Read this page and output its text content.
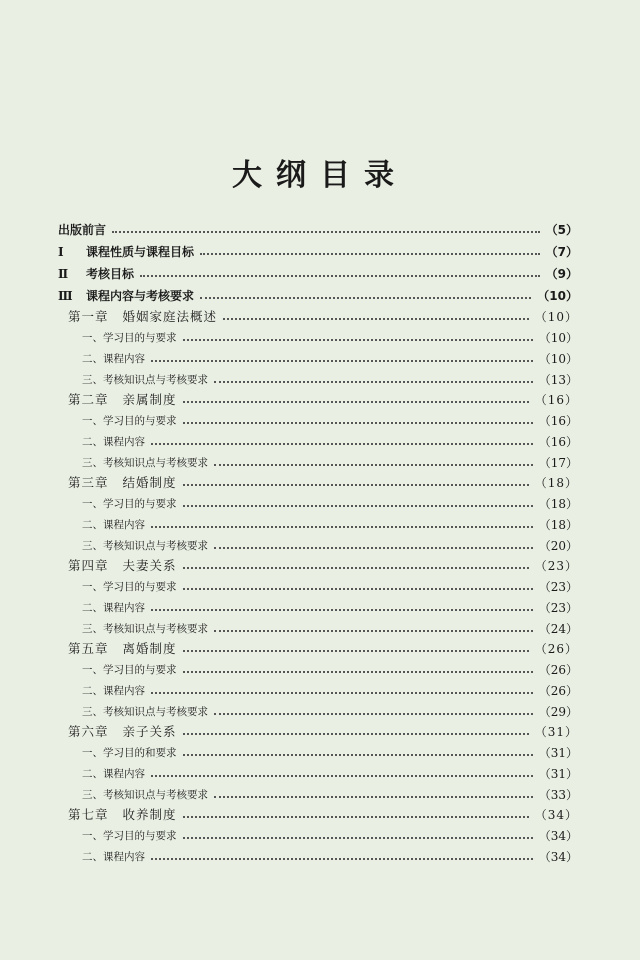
大纲目录
出版前言	（5）
Ⅰ 课程性质与课程目标	（7）
Ⅱ 考核目标	（9）
Ⅲ 课程内容与考核要求	（10）
第一章 婚姻家庭法概述	（10）
一、学习目的与要求	（10）
二、课程内容	（10）
三、考核知识点与考核要求	（13）
第二章 亲属制度	（16）
一、学习目的与要求	（16）
二、课程内容	（16）
三、考核知识点与考核要求	（17）
第三章 结婚制度	（18）
一、学习目的与要求	（18）
二、课程内容	（18）
三、考核知识点与考核要求	（20）
第四章 夫妻关系	（23）
一、学习目的与要求	（23）
二、课程内容	（23）
三、考核知识点与考核要求	（24）
第五章 离婚制度	（26）
一、学习目的与要求	（26）
二、课程内容	（26）
三、考核知识点与考核要求	（29）
第六章 亲子关系	（31）
一、学习目的和要求	（31）
二、课程内容	（31）
三、考核知识点与考核要求	（33）
第七章 收养制度	（34）
一、学习目的与要求	（34）
二、课程内容	（34）
